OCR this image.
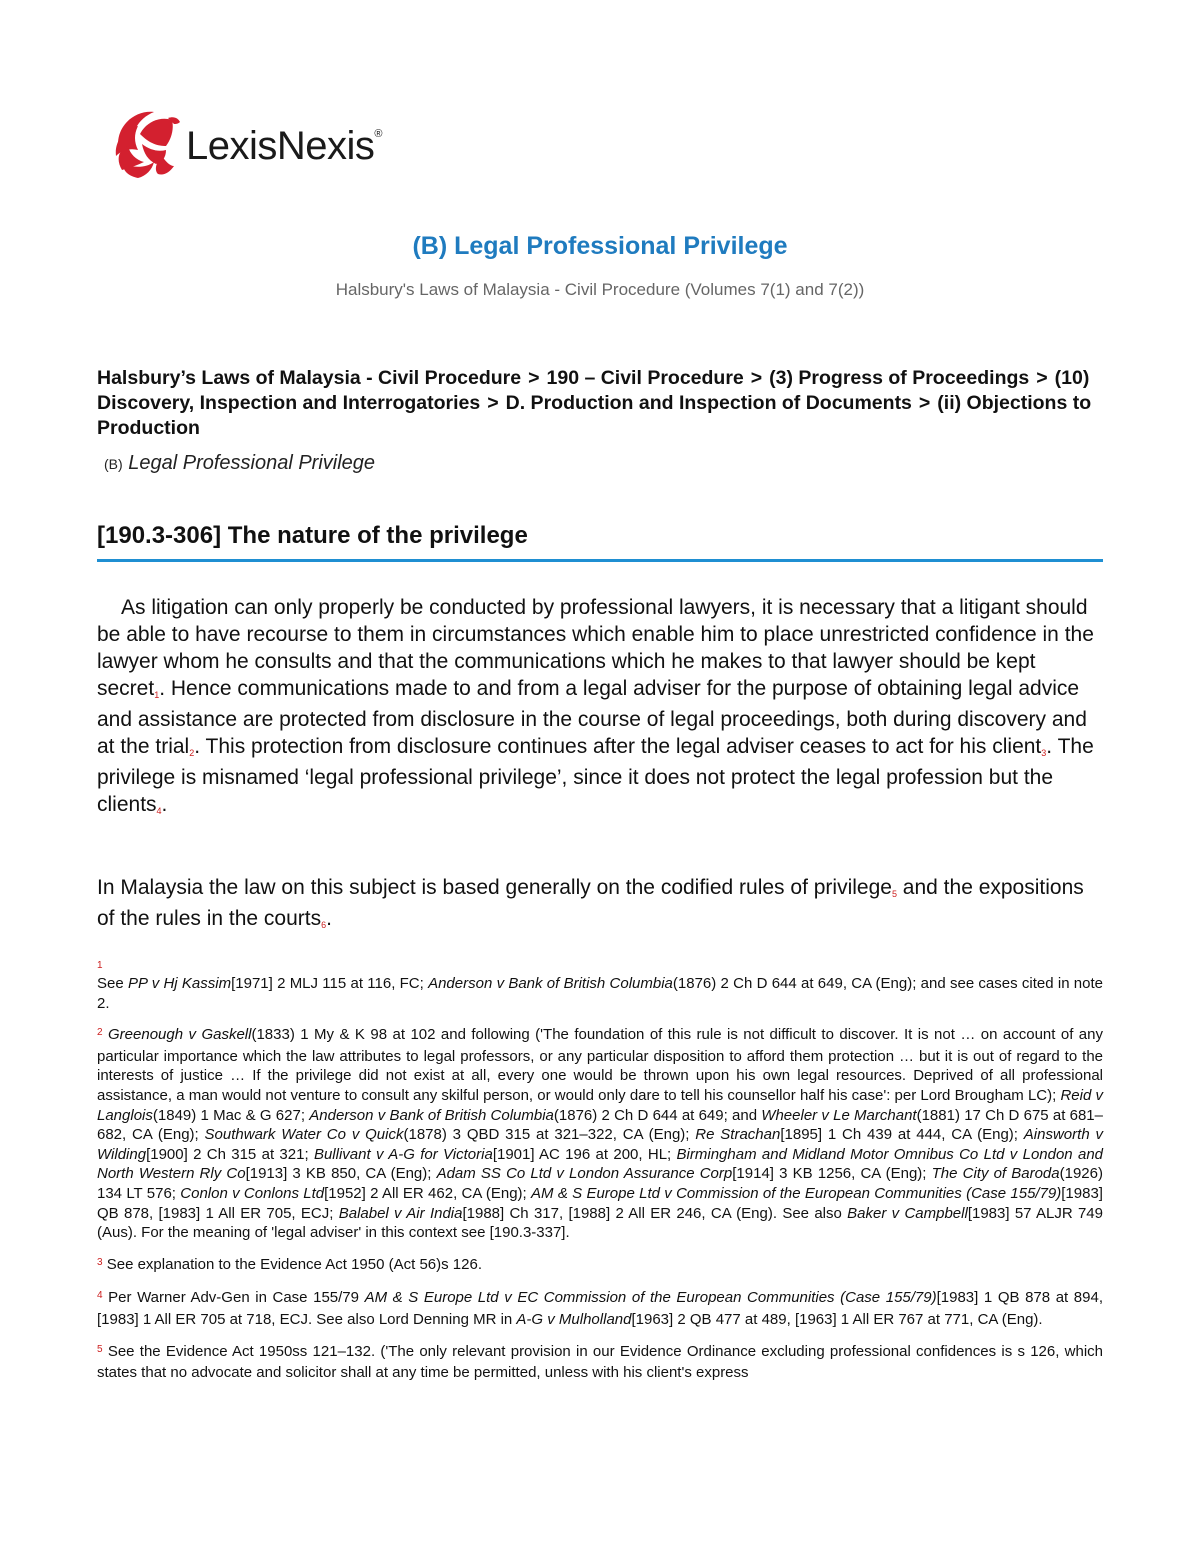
LexisNexis®
(B) Legal Professional Privilege
Halsbury's Laws of Malaysia - Civil Procedure (Volumes 7(1) and 7(2))
Halsbury’s Laws of Malaysia - Civil Procedure > 190 – Civil Procedure > (3) Progress of Proceedings > (10) Discovery, Inspection and Interrogatories > D. Production and Inspection of Documents > (ii) Objections to Production
(B) Legal Professional Privilege
[190.3-306] The nature of the privilege

As litigation can only properly be conducted by professional lawyers, it is necessary that a litigant should be able to have recourse to them in circumstances which enable him to place unrestricted confidence in the lawyer whom he consults and that the communications which he makes to that lawyer should be kept secret1. Hence communications made to and from a legal adviser for the purpose of obtaining legal advice and assistance are protected from disclosure in the course of legal proceedings, both during discovery and at the trial2. This protection from disclosure continues after the legal adviser ceases to act for his client3. The privilege is misnamed ‘legal professional privilege’, since it does not protect the legal profession but the clients4.

In Malaysia the law on this subject is based generally on the codified rules of privilege5 and the expositions of the rules in the courts6.

1
See PP v Hj Kassim[1971] 2 MLJ 115 at 116, FC; Anderson v Bank of British Columbia(1876) 2 Ch D 644 at 649, CA (Eng); and see cases cited in note 2.
$^2$ Greenough v Gaskell(1833) 1 My & K 98 at 102 and following ('The foundation of this rule is not difficult to discover. It is not … on account of any particular importance which the law attributes to legal professors, or any particular disposition to afford them protection … but it is out of regard to the interests of justice … If the privilege did not exist at all, every one would be thrown upon his own legal resources. Deprived of all professional assistance, a man would not venture to consult any skilful person, or would only dare to tell his counsellor half his case': per Lord Brougham LC); Reid v Langlois(1849) 1 Mac & G 627; Anderson v Bank of British Columbia(1876) 2 Ch D 644 at 649; and Wheeler v Le Marchant(1881) 17 Ch D 675 at 681–682, CA (Eng); Southwark Water Co v Quick(1878) 3 QBD 315 at 321–322, CA (Eng); Re Strachan[1895] 1 Ch 439 at 444, CA (Eng); Ainsworth v Wilding[1900] 2 Ch 315 at 321; Bullivant v A-G for Victoria[1901] AC 196 at 200, HL; Birmingham and Midland Motor Omnibus Co Ltd v London and North Western Rly Co[1913] 3 KB 850, CA (Eng); Adam SS Co Ltd v London Assurance Corp[1914] 3 KB 1256, CA (Eng); The City of Baroda(1926) 134 LT 576; Conlon v Conlons Ltd[1952] 2 All ER 462, CA (Eng); AM & S Europe Ltd v Commission of the European Communities (Case 155/79)[1983] QB 878, [1983] 1 All ER 705, ECJ; Balabel v Air India[1988] Ch 317, [1988] 2 All ER 246, CA (Eng). See also Baker v Campbell[1983] 57 ALJR 749 (Aus). For the meaning of 'legal adviser' in this context see [190.3-337].
$^3$ See explanation to the Evidence Act 1950 (Act 56)s 126.
$^4$ Per Warner Adv-Gen in Case 155/79 AM & S Europe Ltd v EC Commission of the European Communities (Case 155/79)[1983] 1 QB 878 at 894, [1983] 1 All ER 705 at 718, ECJ. See also Lord Denning MR in A-G v Mulholland[1963] 2 QB 477 at 489, [1963] 1 All ER 767 at 771, CA (Eng).
$^5$ See the Evidence Act 1950ss 121–132. ('The only relevant provision in our Evidence Ordinance excluding professional confidences is s 126, which states that no advocate and solicitor shall at any time be permitted, unless with his client's express
